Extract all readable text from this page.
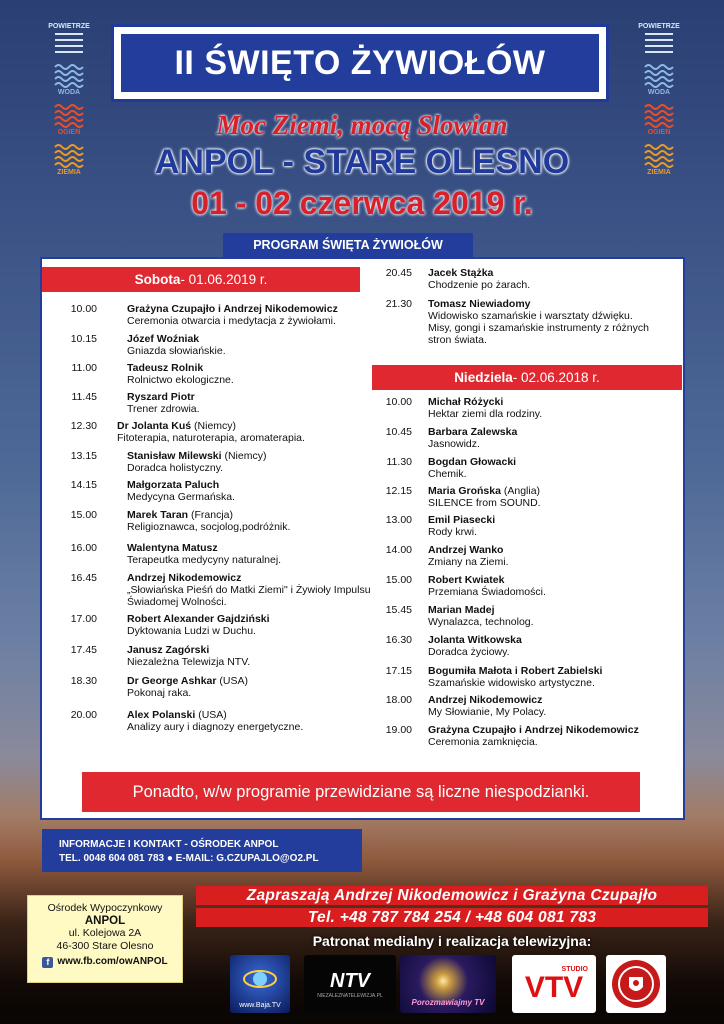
II ŚWIĘTO ŻYWIOŁÓW
Moc Ziemi, mocą Slowian
ANPOL - STARE OLESNO
01 - 02 czerwca 2019 r.
POWIETRZE
WODA
OGIEŃ
ZIEMIA
POWIETRZE
WODA
OGIEŃ
ZIEMIA
PROGRAM ŚWIĘTA ŻYWIOŁÓW
Sobota - 01.06.2019 r.
Niedziela - 02.06.2018 r.
10.00	Grażyna Czupajło i Andrzej Nikodemowicz
Ceremonia otwarcia i medytacja z żywiołami.
10.15	Józef Woźniak
Gniazda słowiańskie.
11.00	Tadeusz Rolnik
Rolnictwo ekologiczne.
11.45	Ryszard Piotr
Trener zdrowia.
12.30 Dr Jolanta Kuś (Niemcy)
Fitoterapia, naturoterapia, aromaterapia.
13.15	Stanisław Milewski (Niemcy)
Doradca holistyczny.
14.15	Małgorzata Paluch
Medycyna Germańska.
15.00	Marek Taran (Francja)
Religioznawca, socjolog,podróżnik.
16.00	Walentyna Matusz
Terapeutka medycyny naturalnej.
16.45	Andrzej Nikodemowicz
„Słowiańska Pieśń do Matki Ziemi" i Żywioły Impulsu
Świadomej Wolności.
17.00	Robert Alexander Gajdziński
Dyktowania Ludzi w Duchu.
17.45	Janusz Zagórski
Niezależna Telewizja NTV.
18.30	Dr George Ashkar (USA)
Pokonaj raka.
20.00	Alex Polanski (USA)
Analizy aury i diagnozy energetyczne.
20.45 Jacek Stążka
Chodzenie po żarach.
21.30 Tomasz Niewiadomy
Widowisko szamańskie i warsztaty dźwięku.
Misy, gongi i szamańskie instrumenty z różnych
stron świata.
10.00 Michał Różycki
Hektar ziemi dla rodziny.
10.45 Barbara Zalewska
Jasnowidz.
11.30 Bogdan Głowacki
Chemik.
12.15 Maria Grońska (Anglia)
SILENCE from SOUND.
13.00 Emil Piasecki
Rody krwi.
14.00 Andrzej Wanko
Zmiany na Ziemi.
15.00 Robert Kwiatek
Przemiana Świadomości.
15.45 Marian Madej
Wynalazca, technolog.
16.30 Jolanta Witkowska
Doradca życiowy.
17.15 Bogumiła Małota i Robert Zabielski
Szamańskie widowisko artystyczne.
18.00 Andrzej Nikodemowicz
My Słowianie, My Polacy.
19.00 Grażyna Czupajło i Andrzej Nikodemowicz
Ceremonia zamknięcia.
Ponadto, w/w programie przewidziane są liczne niespodzianki.
INFORMACJE I KONTAKT - OŚRODEK ANPOL
TEL. 0048 604 081 783 ● E-MAIL: G.CZUPAJLO@O2.PL
Ośrodek Wypoczynkowy
ANPOL
ul. Kolejowa 2A
46-300 Stare Olesno
f www.fb.com/owANPOL
Zapraszają Andrzej Nikodemowicz i Grażyna Czupajło
Tel. +48 787 784 254 / +48 604 081 783
Patronat medialny i realizacja telewizyjna:
www.Baja.TV
NTV
NIEZALEZNATELEWIZJA.PL
Porozmawiajmy TV
STUDIO
VTV
